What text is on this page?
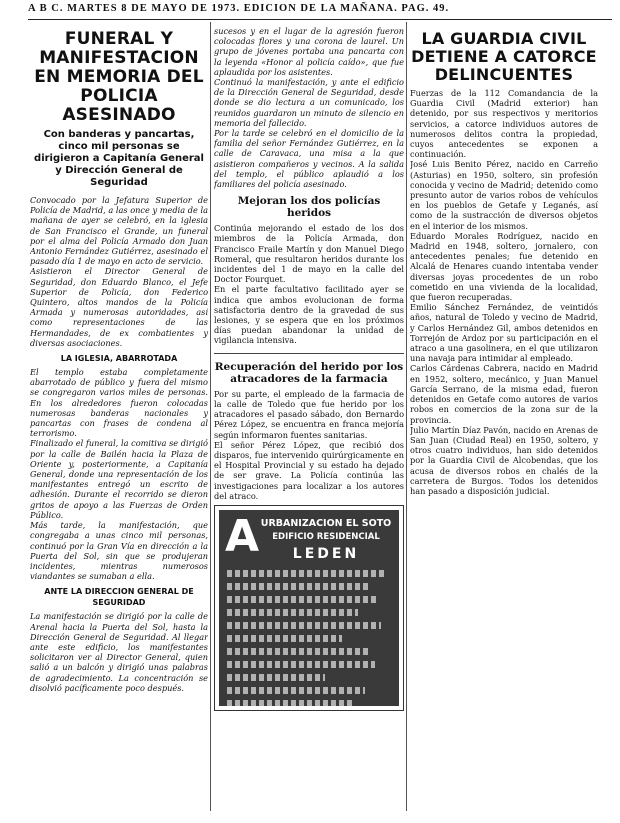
A B C. MARTES 8 DE MAYO DE 1973. EDICION DE LA MAÑANA. PAG. 49.
FUNERAL Y MANIFESTACION EN MEMORIA DEL POLICIA ASESINADO
Con banderas y pancartas, cinco mil personas se dirigieron a Capitanía General y Dirección General de Seguridad

Convocado por la Jefatura Superior de Policía de Madrid, a las once y media de la mañana de ayer se celebró, en la iglesia de San Francisco el Grande, un funeral por el alma del Policía Armado don Juan Antonio Fernández Gutiérrez, asesinado el pasado día 1 de mayo en acto de servicio.

Asistieron el Director General de Seguridad, don Eduardo Blanco, el Jefe Superior de Policía, don Federico Quintero, altos mandos de la Policía Armada y numerosas autoridades, así como representaciones de las Hermandades, de ex combatientes y diversas asociaciones.

LA IGLESIA, ABARROTADA

El templo estaba completamente abarrotado de público y fuera del mismo se congregaron varios miles de personas. En los alrededores fueron colocadas numerosas banderas nacionales y pancartas con frases de condena al terrorismo.

Finalizado el funeral, la comitiva se dirigió por la calle de Bailén hacia la Plaza de Oriente y, posteriormente, a Capitanía General, donde una representación de los manifestantes entregó un escrito de adhesión. Durante el recorrido se dieron gritos de apoyo a las Fuerzas de Orden Público.

Más tarde, la manifestación, que congregaba a unas cinco mil personas, continuó por la Gran Vía en dirección a la Puerta del Sol, sin que se produjeran incidentes, mientras numerosos viandantes se sumaban a ella.

ANTE LA DIRECCION GENERAL DE SEGURIDAD

La manifestación se dirigió por la calle de Arenal hacia la Puerta del Sol, hasta la Dirección General de Seguridad. Al llegar ante este edificio, los manifestantes solicitaron ver al Director General, quien salió a un balcón y dirigió unas palabras de agradecimiento. La concentración se disolvió pacíficamente poco después.

sucesos y en el lugar de la agresión fueron colocadas flores y una corona de laurel. Un grupo de jóvenes portaba una pancarta con la leyenda «Honor al policía caído», que fue aplaudida por los asistentes.

Continuó la manifestación, y ante el edificio de la Dirección General de Seguridad, desde donde se dio lectura a un comunicado, los reunidos guardaron un minuto de silencio en memoria del fallecido.

Por la tarde se celebró en el domicilio de la familia del señor Fernández Gutiérrez, en la calle de Caravaca, una misa a la que asistieron compañeros y vecinos. A la salida del templo, el público aplaudió a los familiares del policía asesinado.

Mejoran los dos policías heridos

Continúa mejorando el estado de los dos miembros de la Policía Armada, don Francisco Fraile Martín y don Manuel Diego Romeral, que resultaron heridos durante los incidentes del 1 de mayo en la calle del Doctor Fourquet.

En el parte facultativo facilitado ayer se indica que ambos evolucionan de forma satisfactoria dentro de la gravedad de sus lesiones, y se espera que en los próximos días puedan abandonar la unidad de vigilancia intensiva.

Recuperación del herido por los atracadores de la farmacia

Por su parte, el empleado de la farmacia de la calle de Toledo que fue herido por los atracadores el pasado sábado, don Bernardo Pérez López, se encuentra en franca mejoría según informaron fuentes sanitarias.

El señor Pérez López, que recibió dos disparos, fue intervenido quirúrgicamente en el Hospital Provincial y su estado ha dejado de ser grave. La Policía continúa las investigaciones para localizar a los autores del atraco.

A URBANIZACION EL SOTO
EDIFICIO RESIDENCIAL
LEDEN
LA GUARDIA CIVIL DETIENE A CATORCE DELINCUENTES

Fuerzas de la 112 Comandancia de la Guardia Civil (Madrid exterior) han detenido, por sus respectivos y meritorios servicios, a catorce individuos autores de numerosos delitos contra la propiedad, cuyos antecedentes se exponen a continuación.

José Luis Benito Pérez, nacido en Carreño (Asturias) en 1950, soltero, sin profesión conocida y vecino de Madrid; detenido como presunto autor de varios robos de vehículos en los pueblos de Getafe y Leganés, así como de la sustracción de diversos objetos en el interior de los mismos.

Eduardo Morales Rodríguez, nacido en Madrid en 1948, soltero, jornalero, con antecedentes penales; fue detenido en Alcalá de Henares cuando intentaba vender diversas joyas procedentes de un robo cometido en una vivienda de la localidad, que fueron recuperadas.

Emilio Sánchez Fernández, de veintidós años, natural de Toledo y vecino de Madrid, y Carlos Hernández Gil, ambos detenidos en Torrejón de Ardoz por su participación en el atraco a una gasolinera, en el que utilizaron una navaja para intimidar al empleado.

Carlos Cárdenas Cabrera, nacido en Madrid en 1952, soltero, mecánico, y Juan Manuel García Serrano, de la misma edad, fueron detenidos en Getafe como autores de varios robos en comercios de la zona sur de la provincia.

Julio Martín Díaz Pavón, nacido en Arenas de San Juan (Ciudad Real) en 1950, soltero, y otros cuatro individuos, han sido detenidos por la Guardia Civil de Alcobendas, que los acusa de diversos robos en chalés de la carretera de Burgos. Todos los detenidos han pasado a disposición judicial.
